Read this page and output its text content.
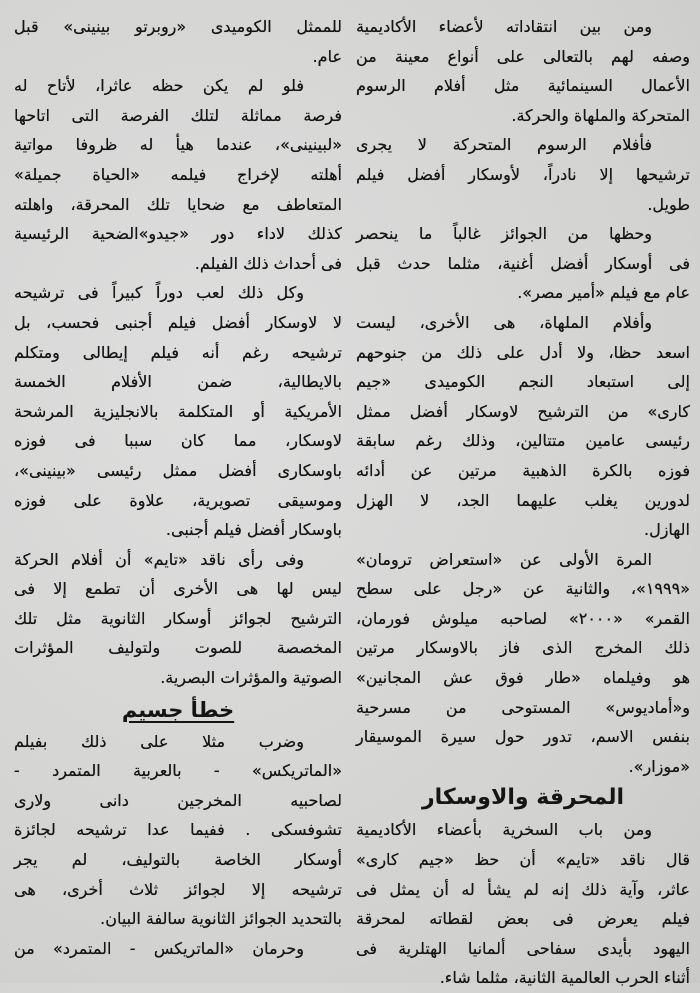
ومن بين انتقاداته لأعضاء الأكاديمية
وصفه لهم بالتعالى على أنواع معينة من
الأعمال السينمائية مثل أفلام الرسوم
المتحركة والملهاة والحركة.
فأفلام الرسوم المتحركة لا يجرى
ترشيحها إلا نادراً، لأوسكار أفضل فيلم
طويل.
وحظها من الجوائز غالباً ما ينحصر
فى أوسكار أفضل أغنية، مثلما حدث قبل
عام مع فيلم «أمير مصر».
وأفلام الملهاة، هى الأخرى، ليست
اسعد حظا، ولا أدل على ذلك من جنوحهم
إلى استبعاد النجم الكوميدى «جيم
كارى» من الترشيح لاوسكار أفضل ممثل
رئيسى عامين متتالين، وذلك رغم سابقة
فوزه بالكرة الذهبية مرتين عن أدائه
لدورين يغلب عليهما الجد، لا الهزل
الهازل.
المرة الأولى عن «استعراض ترومان»
«١٩٩٩»، والثانية عن «رجل على سطح
القمر» «٢٠٠٠» لصاحبه ميلوش فورمان،
ذلك المخرج الذى فاز بالاوسكار مرتين
هو وفيلماه «طار فوق عش المجانين»
و«أماديوس» المستوحى من مسرحية
بنفس الاسم، تدور حول سيرة الموسيقار
«موزار».
المحرقة والاوسكار
ومن باب السخرية بأعضاء الأكاديمية
قال ناقد «تايم» أن حظ «جيم كارى»
عاثر، وآية ذلك إنه لم يشأ له أن يمثل فى
فيلم يعرض فى بعض لقطاته لمحرقة
اليهود بأيدى سفاحى ألمانيا الهتلرية فى
أثناء الحرب العالمية الثانية، مثلما شاء.
للممثل الكوميدى «روبرتو بينينى» قبل
عام.
فلو لم يكن حظه عاثرا، لأتاح له
فرصة مماثلة لتلك الفرصة التى اتاحها
«لبينينى»، عندما هيأ له ظروفا مواتية
أهلته لإخراج فيلمه «الحياة جميلة»
المتعاطف مع ضحايا تلك المحرقة، واهلته
كذلك لاداء دور «جيدو»الضحية الرئيسية
فى أحداث ذلك الفيلم.
وكل ذلك لعب دوراً كبيراً فى ترشيحه
لا لاوسكار أفضل فيلم أجنبى فحسب، بل
ترشيحه رغم أنه فيلم إيطالى ومتكلم
بالايطالية، ضمن الأفلام الخمسة
الأمريكية أو المتكلمة بالانجليزية المرشحة
لاوسكار، مما كان سببا فى فوزه
باوسكارى أفضل ممثل رئيسى «بينينى»،
وموسيقى تصويرية، علاوة على فوزه
باوسكار أفضل فيلم أجنبى.
وفى رأى ناقد «تايم» أن أفلام الحركة
ليس لها هى الأخرى أن تطمع إلا فى
الترشيح لجوائز أوسكار الثانوية مثل تلك
المخصصة للصوت ولتوليف المؤثرات
الصوتية والمؤثرات البصرية.
خطأ جسيم
وضرب مثلا على ذلك بفيلم
«الماتريكس» - بالعربية المتمرد -
لصاحبيه المخرجين دانى ولارى
تشوفسكى . ففيما عدا ترشيحه لجائزة
أوسكار الخاصة بالتوليف، لم يجر
ترشيحه إلا لجوائز ثلاث أخرى، هى
بالتحديد الجوائز الثانوية سالفة البيان.
وحرمان «الماتريكس - المتمرد» من
